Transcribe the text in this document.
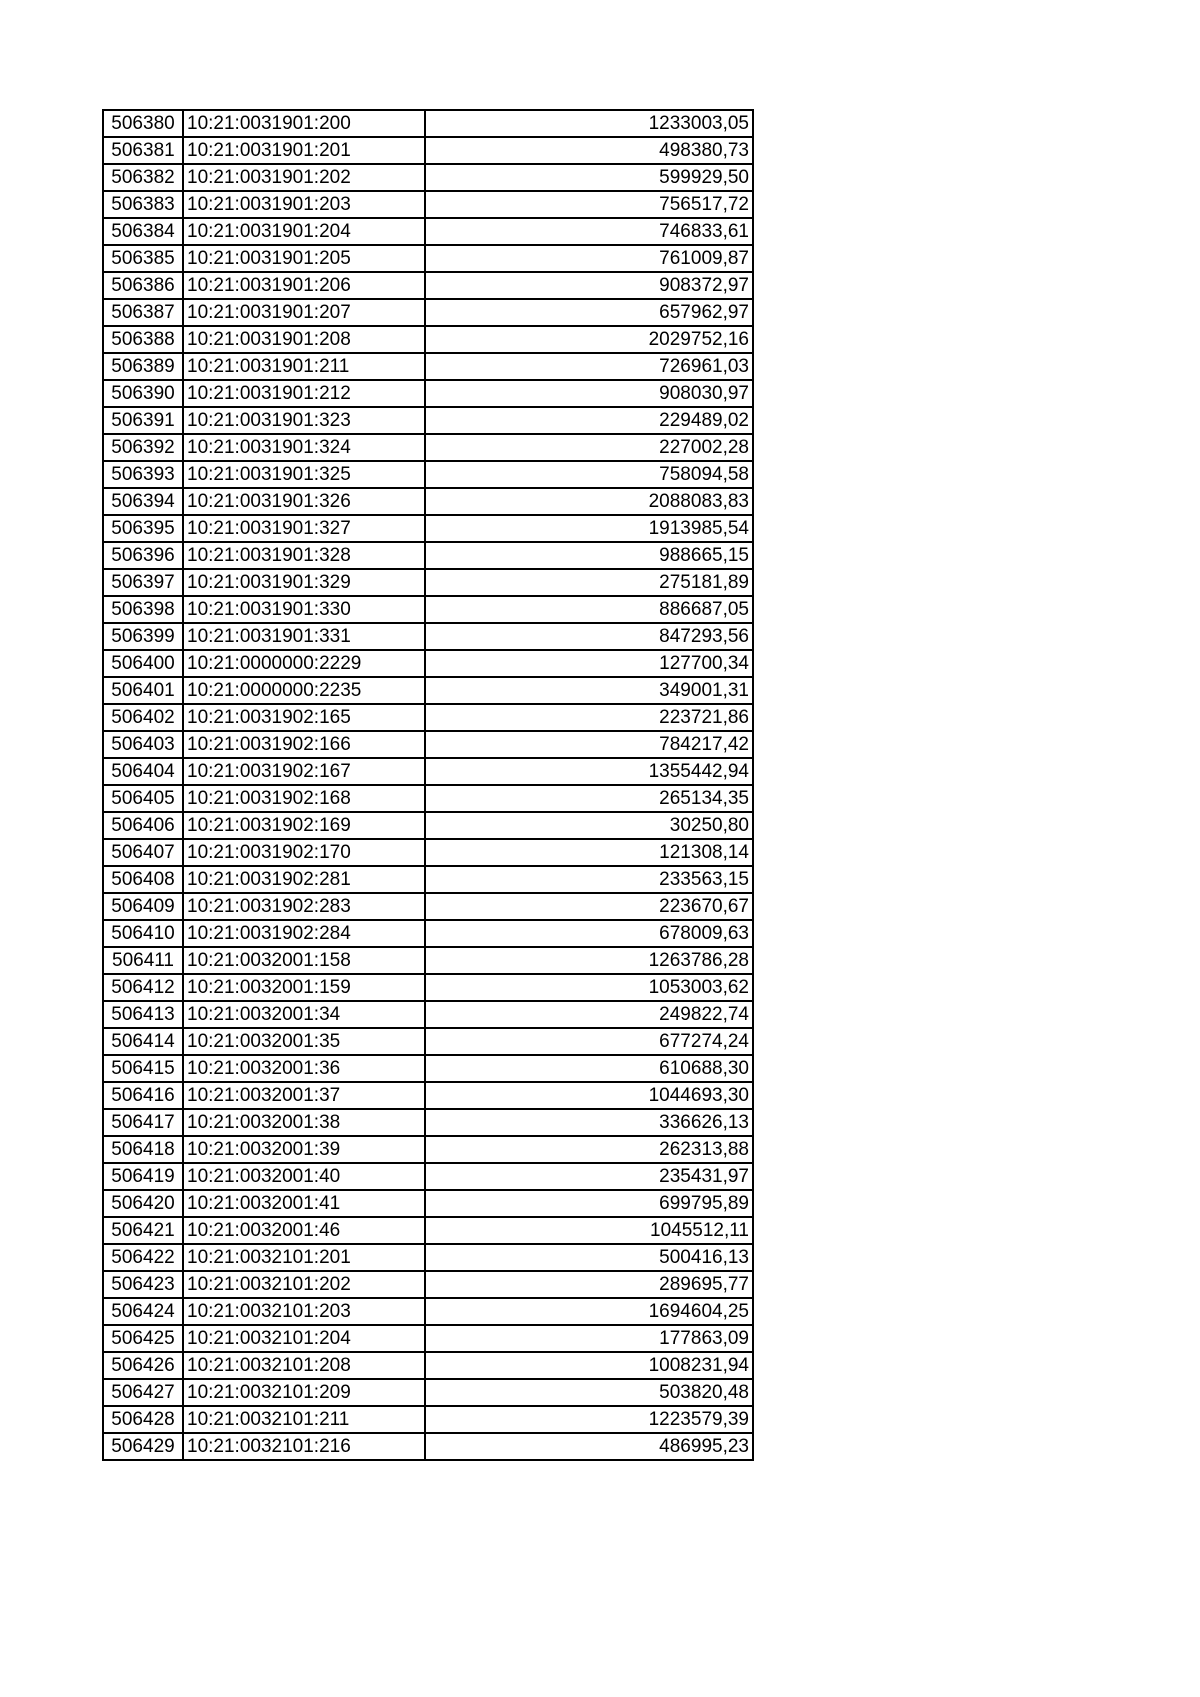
506380	10:21:0031901:200	1233003,05
506381	10:21:0031901:201	498380,73
506382	10:21:0031901:202	599929,50
506383	10:21:0031901:203	756517,72
506384	10:21:0031901:204	746833,61
506385	10:21:0031901:205	761009,87
506386	10:21:0031901:206	908372,97
506387	10:21:0031901:207	657962,97
506388	10:21:0031901:208	2029752,16
506389	10:21:0031901:211	726961,03
506390	10:21:0031901:212	908030,97
506391	10:21:0031901:323	229489,02
506392	10:21:0031901:324	227002,28
506393	10:21:0031901:325	758094,58
506394	10:21:0031901:326	2088083,83
506395	10:21:0031901:327	1913985,54
506396	10:21:0031901:328	988665,15
506397	10:21:0031901:329	275181,89
506398	10:21:0031901:330	886687,05
506399	10:21:0031901:331	847293,56
506400	10:21:0000000:2229	127700,34
506401	10:21:0000000:2235	349001,31
506402	10:21:0031902:165	223721,86
506403	10:21:0031902:166	784217,42
506404	10:21:0031902:167	1355442,94
506405	10:21:0031902:168	265134,35
506406	10:21:0031902:169	30250,80
506407	10:21:0031902:170	121308,14
506408	10:21:0031902:281	233563,15
506409	10:21:0031902:283	223670,67
506410	10:21:0031902:284	678009,63
506411	10:21:0032001:158	1263786,28
506412	10:21:0032001:159	1053003,62
506413	10:21:0032001:34	249822,74
506414	10:21:0032001:35	677274,24
506415	10:21:0032001:36	610688,30
506416	10:21:0032001:37	1044693,30
506417	10:21:0032001:38	336626,13
506418	10:21:0032001:39	262313,88
506419	10:21:0032001:40	235431,97
506420	10:21:0032001:41	699795,89
506421	10:21:0032001:46	1045512,11
506422	10:21:0032101:201	500416,13
506423	10:21:0032101:202	289695,77
506424	10:21:0032101:203	1694604,25
506425	10:21:0032101:204	177863,09
506426	10:21:0032101:208	1008231,94
506427	10:21:0032101:209	503820,48
506428	10:21:0032101:211	1223579,39
506429	10:21:0032101:216	486995,23
